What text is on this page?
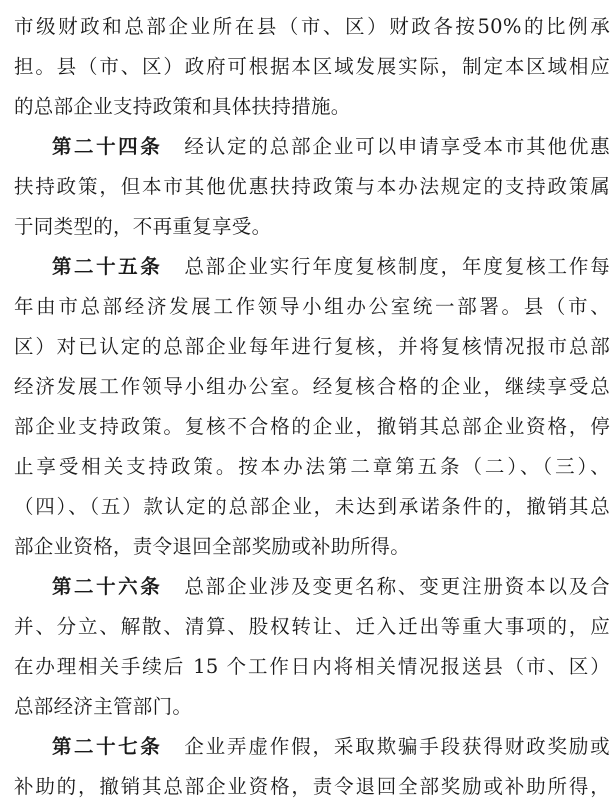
市级财政和总部企业所在县（市、区）财政各按50%的比例承
担。县（市、区）政府可根据本区域发展实际，制定本区域相应
的总部企业支持政策和具体扶持措施。
第二十四条 经认定的总部企业可以申请享受本市其他优惠
扶持政策，但本市其他优惠扶持政策与本办法规定的支持政策属
于同类型的，不再重复享受。
第二十五条 总部企业实行年度复核制度，年度复核工作每
年由市总部经济发展工作领导小组办公室统一部署。县（市、
区）对已认定的总部企业每年进行复核，并将复核情况报市总部
经济发展工作领导小组办公室。经复核合格的企业，继续享受总
部企业支持政策。复核不合格的企业，撤销其总部企业资格，停
止享受相关支持政策。按本办法第二章第五条（二）、（三）、
（四）、（五）款认定的总部企业，未达到承诺条件的，撤销其总
部企业资格，责令退回全部奖励或补助所得。
第二十六条 总部企业涉及变更名称、变更注册资本以及合
并、分立、解散、清算、股权转让、迁入迁出等重大事项的，应
在办理相关手续后 15 个工作日内将相关情况报送县（市、区）
总部经济主管部门。
第二十七条 企业弄虚作假，采取欺骗手段获得财政奖励或
补助的，撤销其总部企业资格，责令退回全部奖励或补助所得，
